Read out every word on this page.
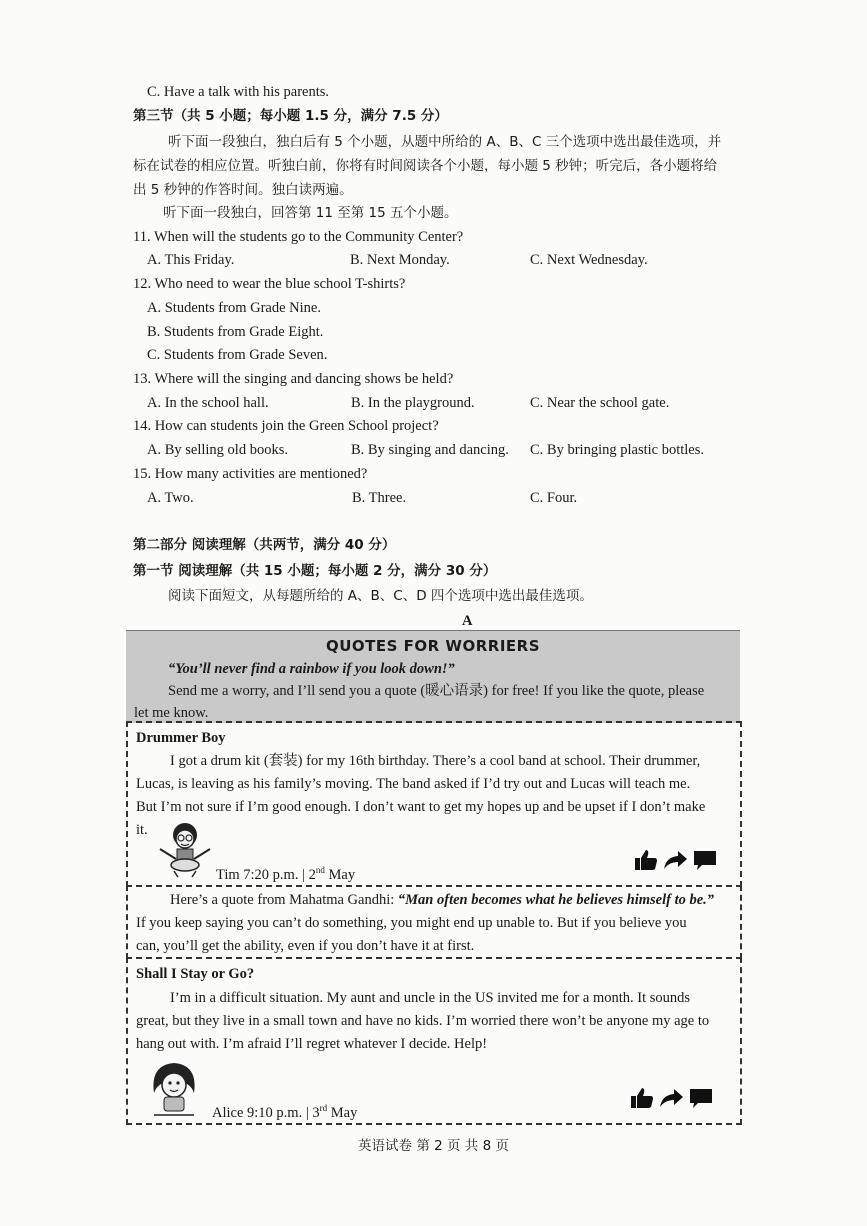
C. Have a talk with his parents.
第三节（共 5 小题；每小题 1.5 分，满分 7.5 分）
听下面一段独白，独白后有 5 个小题，从题中所给的 A、B、C 三个选项中选出最佳选项，并
标在试卷的相应位置。听独白前，你将有时间阅读各个小题，每小题 5 秒钟；听完后，各小题将给
出 5 秒钟的作答时间。独白读两遍。
听下面一段独白，回答第 11 至第 15 五个小题。
11. When will the students go to the Community Center?
A. This Friday.	B. Next Monday.	C. Next Wednesday.
12. Who need to wear the blue school T-shirts?
A. Students from Grade Nine.
B. Students from Grade Eight.
C. Students from Grade Seven.
13. Where will the singing and dancing shows be held?
A. In the school hall.	B. In the playground.	C. Near the school gate.
14. How can students join the Green School project?
A. By selling old books.	B. By singing and dancing. C. By bringing plastic bottles.
15. How many activities are mentioned?
A. Two.	B. Three.	C. Four.
第二部分 阅读理解（共两节，满分 40 分）
第一节 阅读理解（共 15 小题；每小题 2 分，满分 30 分）
阅读下面短文，从每题所给的 A、B、C、D 四个选项中选出最佳选项。
A
QUOTES FOR WORRIERS
“You’ll never find a rainbow if you look down!”
Send me a worry, and I’ll send you a quote (暖心语录) for free! If you like the quote, please
let me know.
Drummer Boy
I got a drum kit (套装) for my 16th birthday. There’s a cool band at school. Their drummer,
Lucas, is leaving as his family’s moving. The band asked if I’d try out and Lucas will teach me.
But I’m not sure if I’m good enough. I don’t want to get my hopes up and be upset if I don’t make
it.
Tim 7:20 p.m. | 2nd May
Here’s a quote from Mahatma Gandhi: “Man often becomes what he believes himself to be.”
If you keep saying you can’t do something, you might end up unable to. But if you believe you
can, you’ll get the ability, even if you don’t have it at first.
Shall I Stay or Go?
I’m in a difficult situation. My aunt and uncle in the US invited me for a month. It sounds
great, but they live in a small town and have no kids. I’m worried there won’t be anyone my age to
hang out with. I’m afraid I’ll regret whatever I decide. Help!
Alice 9:10 p.m. | 3rd May
英语试卷 第 2 页 共 8 页
